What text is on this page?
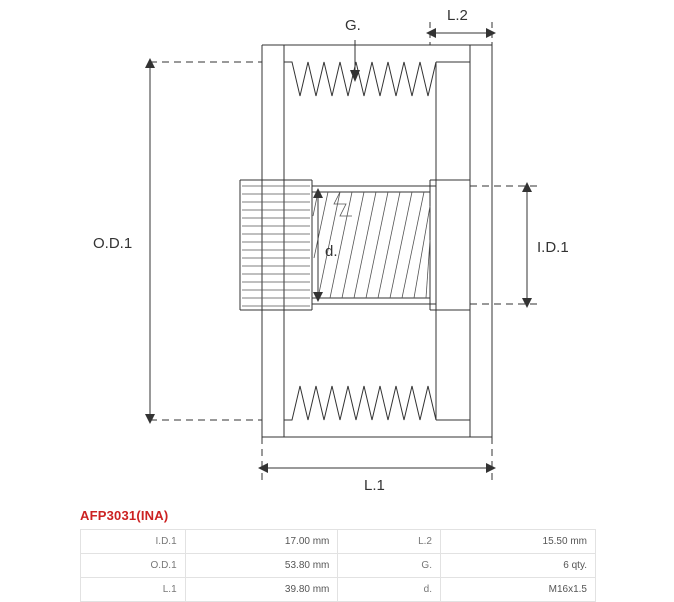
O.D.1	I.D.1
L.1
L.2
G.
d.
AFP3031(INA)
I.D.1	17.00 mm	L.2	15.50 mm
O.D.1	53.80 mm	G.	6 qty.
L.1	39.80 mm	d.	M16x1.5
